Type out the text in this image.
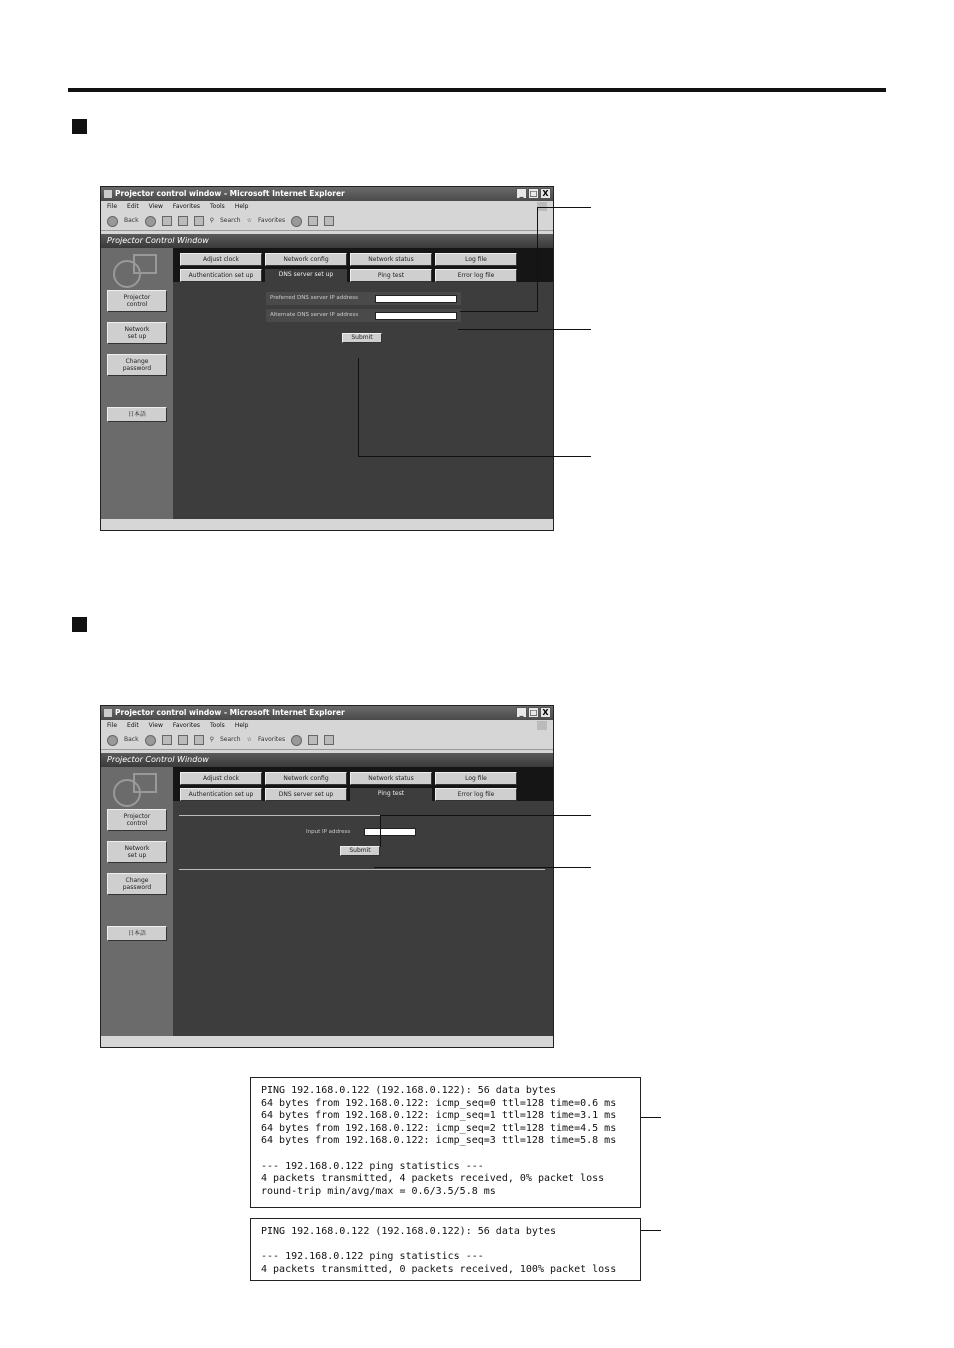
Projector control window - Microsoft Internet Explorer	_ □ X
File Edit View Favorites Tools Help
Back	⚲ Search ☆ Favorites
Projector Control Window
Projector
control
Network
set up
Change
password
日本語
Adjust clock	Network config	Network status	Log file
Authentication set up	DNS server set up	Ping test	Error log file
Preferred DNS server IP address
Alternate DNS server IP address
Submit
Projector control window - Microsoft Internet Explorer	_ □ X
File Edit View Favorites Tools Help
Back	⚲ Search ☆ Favorites
Projector Control Window
Projector
control
Network
set up
Change
password
日本語
Adjust clock	Network config	Network status	Log file
Authentication set up	DNS server set up	Ping test	Error log file
Input IP address
Submit
PING 192.168.0.122 (192.168.0.122): 56 data bytes
64 bytes from 192.168.0.122: icmp_seq=0 ttl=128 time=0.6 ms
64 bytes from 192.168.0.122: icmp_seq=1 ttl=128 time=3.1 ms
64 bytes from 192.168.0.122: icmp_seq=2 ttl=128 time=4.5 ms
64 bytes from 192.168.0.122: icmp_seq=3 ttl=128 time=5.8 ms

--- 192.168.0.122 ping statistics ---
4 packets transmitted, 4 packets received, 0% packet loss
round-trip min/avg/max = 0.6/3.5/5.8 ms
PING 192.168.0.122 (192.168.0.122): 56 data bytes

--- 192.168.0.122 ping statistics ---
4 packets transmitted, 0 packets received, 100% packet loss
